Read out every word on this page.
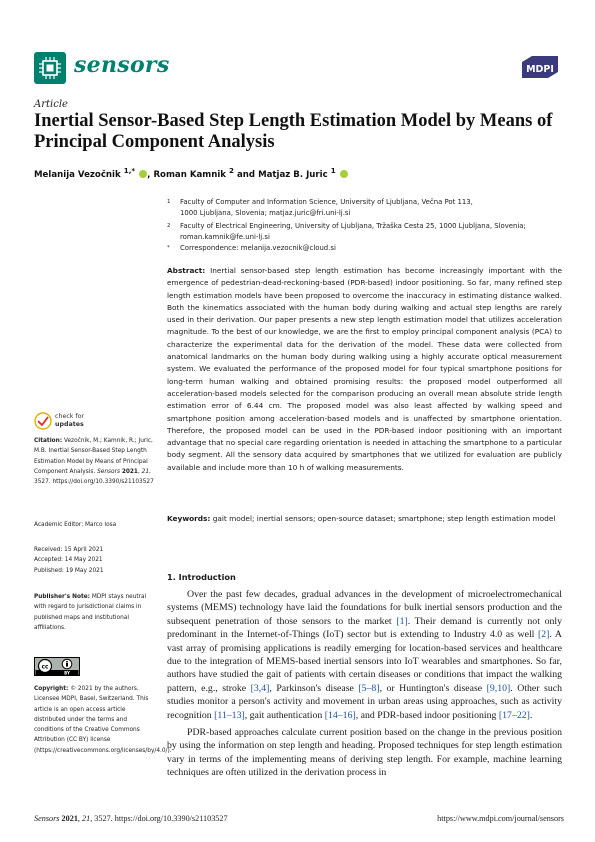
sensors	MDPI
Article
Inertial Sensor-Based Step Length Estimation Model by Means of Principal Component Analysis
Melanija Vezočnik $^{1,*}$ , Roman Kamnik $^2$ and Matjaz B. Juric $^1$
1 Faculty of Computer and Information Science, University of Ljubljana, Večna Pot 113,
1000 Ljubljana, Slovenia; matjaz.juric@fri.uni-lj.si
2 Faculty of Electrical Engineering, University of Ljubljana, Tržaška Cesta 25, 1000 Ljubljana, Slovenia;
roman.kamnik@fe.uni-lj.si
* Correspondence: melanija.vezocnik@cloud.si
Abstract: Inertial sensor-based step length estimation has become increasingly important with the emergence of pedestrian-dead-reckoning-based (PDR-based) indoor positioning. So far, many refined step length estimation models have been proposed to overcome the inaccuracy in estimating distance walked. Both the kinematics associated with the human body during walking and actual step lengths are rarely used in their derivation. Our paper presents a new step length estimation model that utilizes acceleration magnitude. To the best of our knowledge, we are the first to employ principal component analysis (PCA) to characterize the experimental data for the derivation of the model. These data were collected from anatomical landmarks on the human body during walking using a highly accurate optical measurement system. We evaluated the performance of the proposed model for four typical smartphone positions for long-term human walking and obtained promising results: the proposed model outperformed all acceleration-based models selected for the comparison producing an overall mean absolute stride length estimation error of 6.44 cm. The proposed model was also least affected by walking speed and smartphone position among acceleration-based models and is unaffected by smartphone orientation. Therefore, the proposed model can be used in the PDR-based indoor positioning with an important advantage that no special care regarding orientation is needed in attaching the smartphone to a particular body segment. All the sensory data acquired by smartphones that we utilized for evaluation are publicly available and include more than 10 h of walking measurements.
Keywords: gait model; inertial sensors; open-source dataset; smartphone; step length estimation model
check for
updates
Citation: Vezočnik, M.; Kamnik, R.; Juric, M.B. Inertial Sensor-Based Step Length Estimation Model by Means of Principal Component Analysis. Sensors 2021, 21, 3527. https://doi.org/10.3390/s21103527
Academic Editor: Marco Iosa
Received: 15 April 2021
Accepted: 14 May 2021
Published: 19 May 2021
Publisher's Note: MDPI stays neutral with regard to jurisdictional claims in published maps and institutional affiliations.
cc
BY
Copyright: © 2021 by the authors. Licensee MDPI, Basel, Switzerland. This article is an open access article distributed under the terms and conditions of the Creative Commons Attribution (CC BY) license (https://creativecommons.org/licenses/by/4.0/).
1. Introduction
Over the past few decades, gradual advances in the development of microelectromechanical systems (MEMS) technology have laid the foundations for bulk inertial sensors production and the subsequent penetration of those sensors to the market [1]. Their demand is currently not only predominant in the Internet-of-Things (IoT) sector but is extending to Industry 4.0 as well [2]. A vast array of promising applications is readily emerging for location-based services and healthcare due to the integration of MEMS-based inertial sensors into IoT wearables and smartphones. So far, authors have studied the gait of patients with certain diseases or conditions that impact the walking pattern, e.g., stroke [3,4], Parkinson's disease [5–8], or Huntington's disease [9,10]. Other such studies monitor a person's activity and movement in urban areas using approaches, such as activity recognition [11–13], gait authentication [14–16], and PDR-based indoor positioning [17–22].
PDR-based approaches calculate current position based on the change in the previous position by using the information on step length and heading. Proposed techniques for step length estimation vary in terms of the implementing means of deriving step length. For example, machine learning techniques are often utilized in the derivation process in
Sensors 2021, 21, 3527. https://doi.org/10.3390/s21103527	https://www.mdpi.com/journal/sensors
